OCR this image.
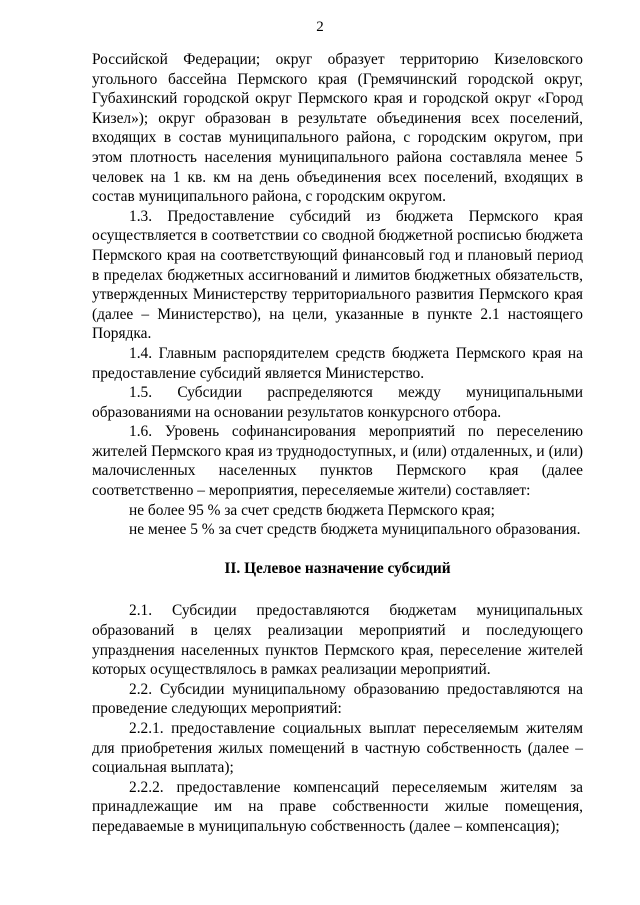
2

Российской Федерации; округ образует территорию Кизеловского угольного бассейна Пермского края (Гремячинский городской округ, Губахинский городской округ Пермского края и городской округ «Город Кизел»); округ образован в результате объединения всех поселений, входящих в состав муниципального района, с городским округом, при этом плотность населения муниципального района составляла менее 5 человек на 1 кв. км на день объединения всех поселений, входящих в состав муниципального района, с городским округом.

1.3. Предоставление субсидий из бюджета Пермского края осуществляется в соответствии со сводной бюджетной росписью бюджета Пермского края на соответствующий финансовый год и плановый период в пределах бюджетных ассигнований и лимитов бюджетных обязательств, утвержденных Министерству территориального развития Пермского края (далее – Министерство), на цели, указанные в пункте 2.1 настоящего Порядка.

1.4. Главным распорядителем средств бюджета Пермского края на предоставление субсидий является Министерство.

1.5. Субсидии распределяются между муниципальными образованиями на основании результатов конкурсного отбора.

1.6. Уровень софинансирования мероприятий по переселению жителей Пермского края из труднодоступных, и (или) отдаленных, и (или) малочисленных населенных пунктов Пермского края (далее соответственно – мероприятия, переселяемые жители) составляет:

не более 95 % за счет средств бюджета Пермского края;

не менее 5 % за счет средств бюджета муниципального образования.

II. Целевое назначение субсидий

2.1. Субсидии предоставляются бюджетам муниципальных образований в целях реализации мероприятий и последующего упразднения населенных пунктов Пермского края, переселение жителей которых осуществлялось в рамках реализации мероприятий.

2.2. Субсидии муниципальному образованию предоставляются на проведение следующих мероприятий:

2.2.1. предоставление социальных выплат переселяемым жителям для приобретения жилых помещений в частную собственность (далее – социальная выплата);

2.2.2. предоставление компенсаций переселяемым жителям за принадлежащие им на праве собственности жилые помещения, передаваемые в муниципальную собственность (далее – компенсация);
